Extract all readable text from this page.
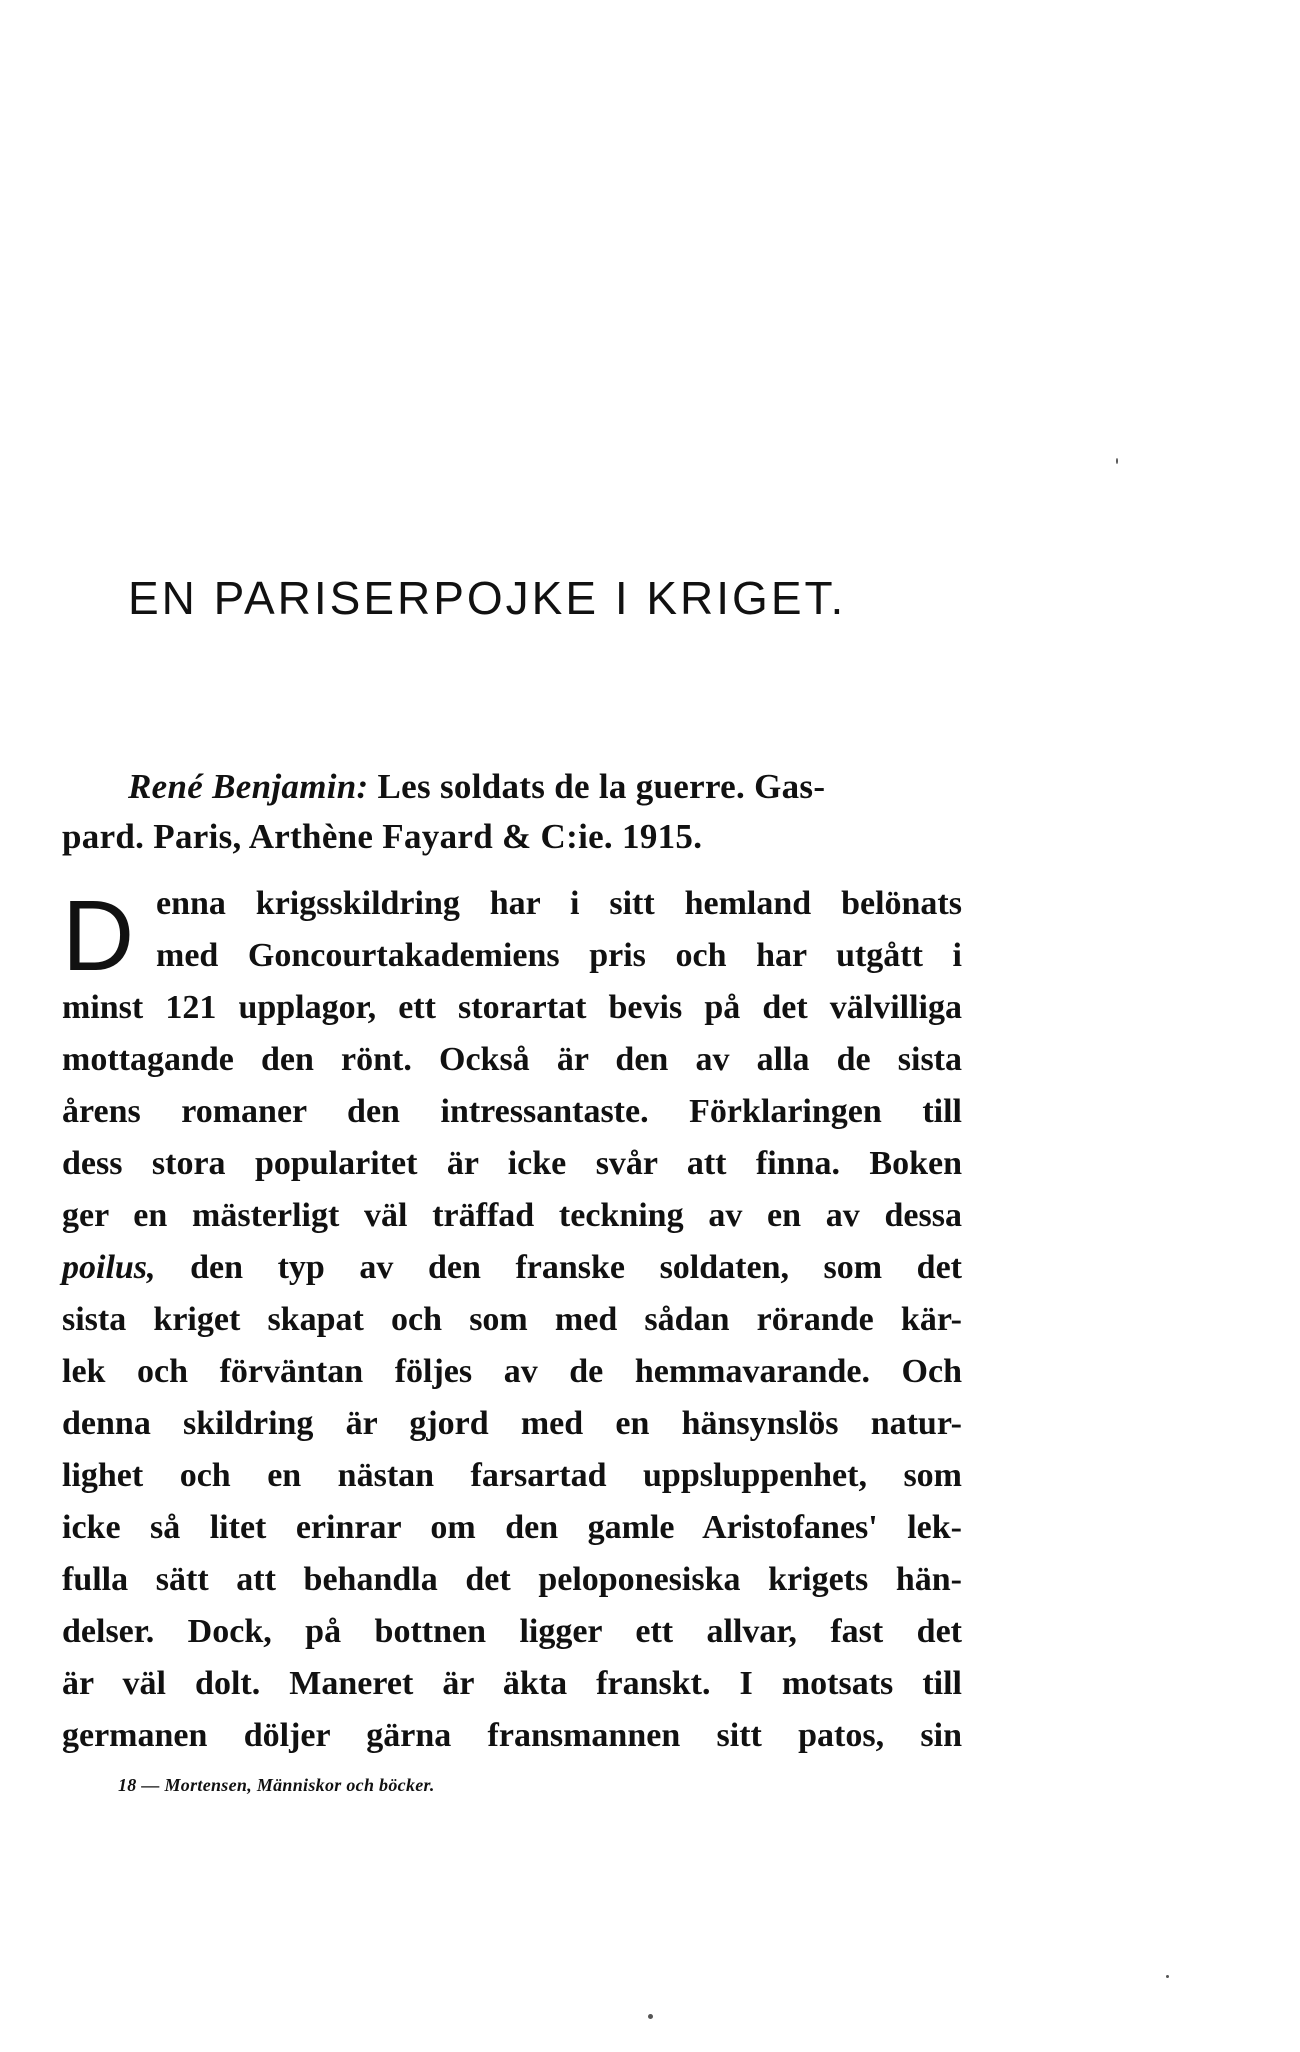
EN PARISERPOJKE I KRIGET.
René Benjamin: Les soldats de la guerre. Gas-
pard. Paris, Arthène Fayard & C:ie. 1915.
D enna krigsskildring har i sitt hemland belönats
med Goncourtakademiens pris och har utgått i
minst 121 upplagor, ett storartat bevis på det välvilliga
mottagande den rönt. Också är den av alla de sista
årens romaner den intressantaste. Förklaringen till
dess stora popularitet är icke svår att finna. Boken
ger en mästerligt väl träffad teckning av en av dessa
poilus, den typ av den franske soldaten, som det
sista kriget skapat och som med sådan rörande kär-
lek och förväntan följes av de hemmavarande. Och
denna skildring är gjord med en hänsynslös natur-
lighet och en nästan farsartad uppsluppenhet, som
icke så litet erinrar om den gamle Aristofanes' lek-
fulla sätt att behandla det peloponesiska krigets hän-
delser. Dock, på bottnen ligger ett allvar, fast det
är väl dolt. Maneret är äkta franskt. I motsats till
germanen döljer gärna fransmannen sitt patos, sin
18 — Mortensen, Människor och böcker.
